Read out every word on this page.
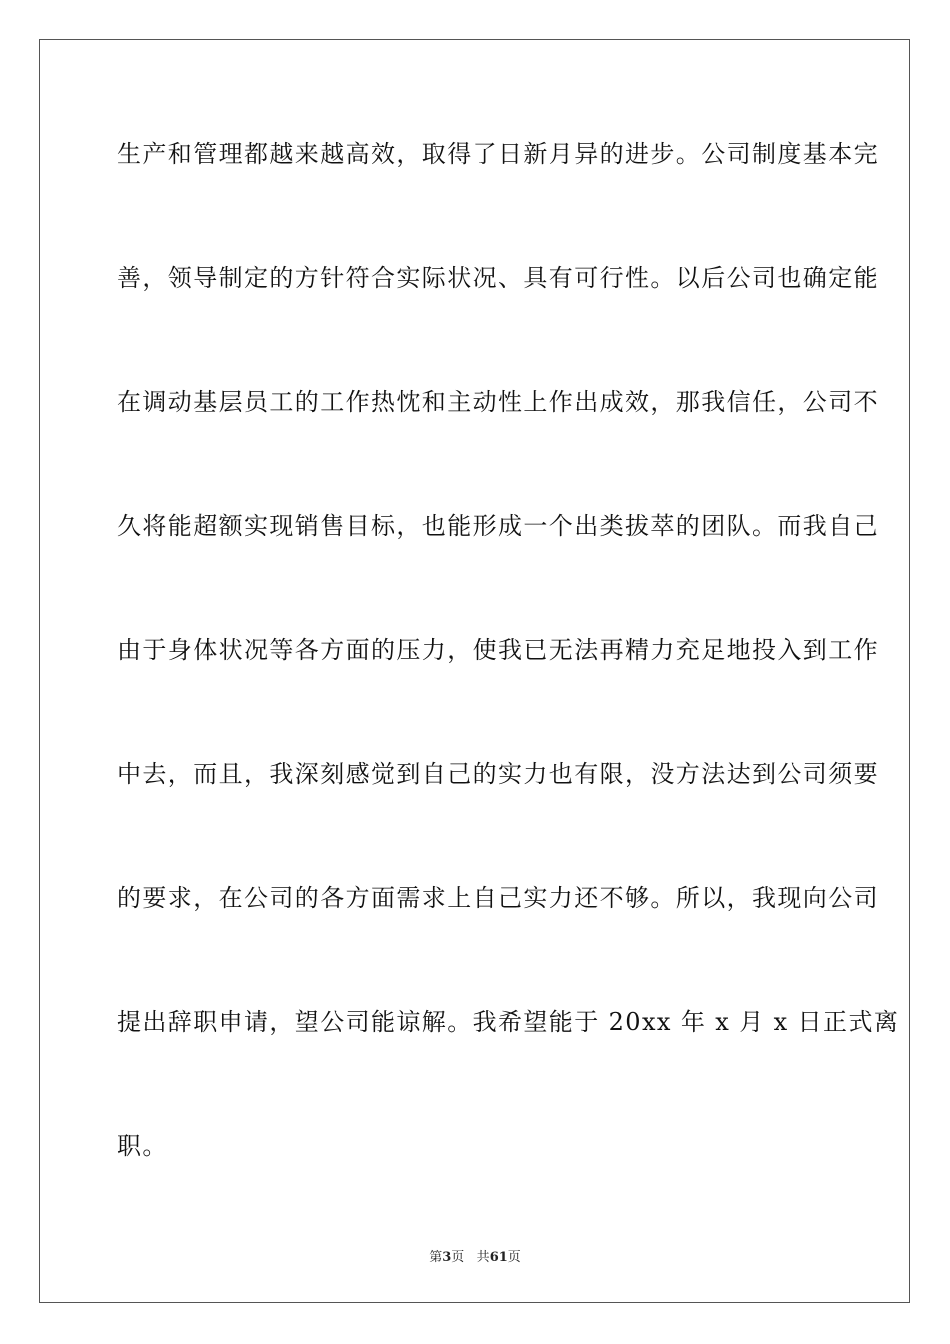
生产和管理都越来越高效，取得了日新月异的进步。公司制度基本完
善，领导制定的方针符合实际状况、具有可行性。以后公司也确定能
在调动基层员工的工作热忱和主动性上作出成效，那我信任，公司不
久将能超额实现销售目标，也能形成一个出类拔萃的团队。而我自己
由于身体状况等各方面的压力，使我已无法再精力充足地投入到工作
中去，而且，我深刻感觉到自己的实力也有限，没方法达到公司须要
的要求，在公司的各方面需求上自己实力还不够。所以，我现向公司
提出辞职申请，望公司能谅解。我希望能于 20xx 年 x 月 x 日正式离
职。
第3页 共61页
